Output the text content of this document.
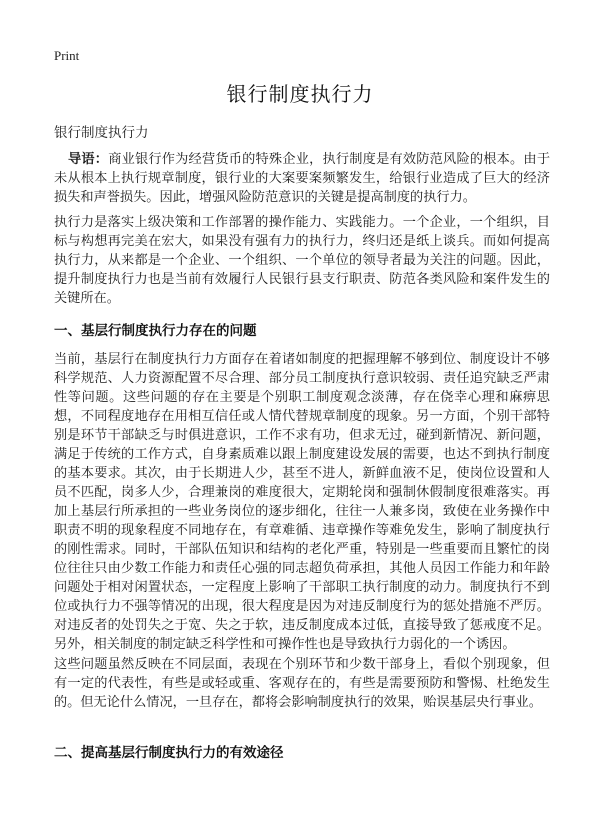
Print
银行制度执行力
银行制度执行力

导语：商业银行作为经营货币的特殊企业，执行制度是有效防范风险的根本。由于未从根本上执行规章制度，银行业的大案要案频繁发生，给银行业造成了巨大的经济损失和声誉损失。因此，增强风险防范意识的关键是提高制度的执行力。

执行力是落实上级决策和工作部署的操作能力、实践能力。一个企业，一个组织，目标与构想再完美在宏大，如果没有强有力的执行力，终归还是纸上谈兵。而如何提高执行力，从来都是一个企业、一个组织、一个单位的领导者最为关注的问题。因此，提升制度执行力也是当前有效履行人民银行县支行职责、防范各类风险和案件发生的关键所在。

一、基层行制度执行力存在的问题

当前，基层行在制度执行力方面存在着诸如制度的把握理解不够到位、制度设计不够科学规范、人力资源配置不尽合理、部分员工制度执行意识较弱、责任追究缺乏严肃性等问题。这些问题的存在主要是个别职工制度观念淡薄，存在侥幸心理和麻痹思想，不同程度地存在用相互信任或人情代替规章制度的现象。另一方面，个别干部特别是环节干部缺乏与时俱进意识，工作不求有功，但求无过，碰到新情况、新问题，满足于传统的工作方式，自身素质难以跟上制度建设发展的需要，也达不到执行制度的基本要求。其次，由于长期进人少，甚至不进人，新鲜血液不足，使岗位设置和人员不匹配，岗多人少，合理兼岗的难度很大，定期轮岗和强制休假制度很难落实。再加上基层行所承担的一些业务岗位的逐步细化，往往一人兼多岗，致使在业务操作中职责不明的现象程度不同地存在，有章难循、违章操作等难免发生，影响了制度执行的刚性需求。同时，干部队伍知识和结构的老化严重，特别是一些重要而且繁忙的岗位往往只由少数工作能力和责任心强的同志超负荷承担，其他人员因工作能力和年龄问题处于相对闲置状态，一定程度上影响了干部职工执行制度的动力。制度执行不到位或执行力不强等情况的出现，很大程度是因为对违反制度行为的惩处措施不严厉。对违反者的处罚失之于宽、失之于软，违反制度成本过低，直接导致了惩戒度不足。另外，相关制度的制定缺乏科学性和可操作性也是导致执行力弱化的一个诱因。

这些问题虽然反映在不同层面，表现在个别环节和少数干部身上，看似个别现象，但有一定的代表性，有些是或轻或重、客观存在的，有些是需要预防和警惕、杜绝发生的。但无论什么情况，一旦存在，都将会影响制度执行的效果，贻误基层央行事业。

二、提高基层行制度执行力的有效途径
